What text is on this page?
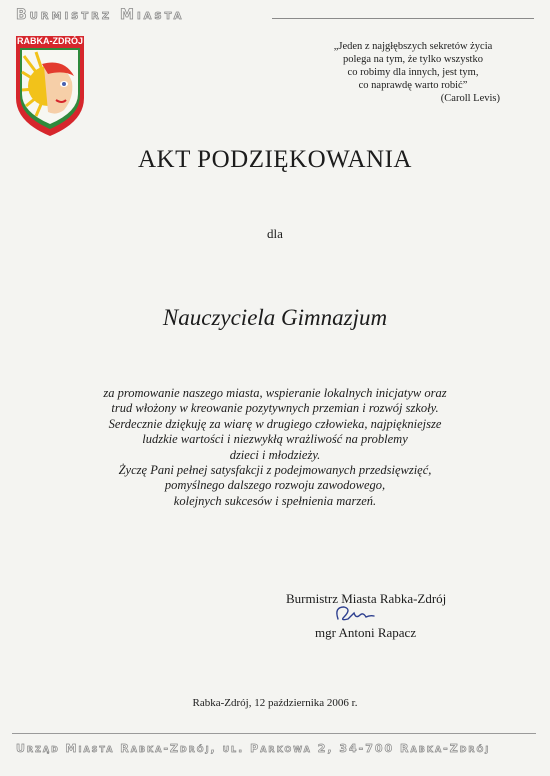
Burmistrz Miasta
RABKA-ZDRÓJ	„Jeden z najgłębszych sekretów życia
polega na tym, że tylko wszystko
co robimy dla innych, jest tym,
co naprawdę warto robić”
(Caroll Levis)
AKT PODZIĘKOWANIA
dla
Nauczyciela Gimnazjum
za promowanie naszego miasta, wspieranie lokalnych inicjatyw oraz
trud włożony w kreowanie pozytywnych przemian i rozwój szkoły.
Serdecznie dziękuję za wiarę w drugiego człowieka, najpiękniejsze
ludzkie wartości i niezwykłą wrażliwość na problemy
dzieci i młodzieży.
Życzę Pani pełnej satysfakcji z podejmowanych przedsięwzięć,
pomyślnego dalszego rozwoju zawodowego,
kolejnych sukcesów i spełnienia marzeń.
Burmistrz Miasta Rabka-Zdrój
mgr Antoni Rapacz
Rabka-Zdrój, 12 października 2006 r.
Urząd Miasta Rabka-Zdrój, ul. Parkowa 2, 34-700 Rabka-Zdrój
